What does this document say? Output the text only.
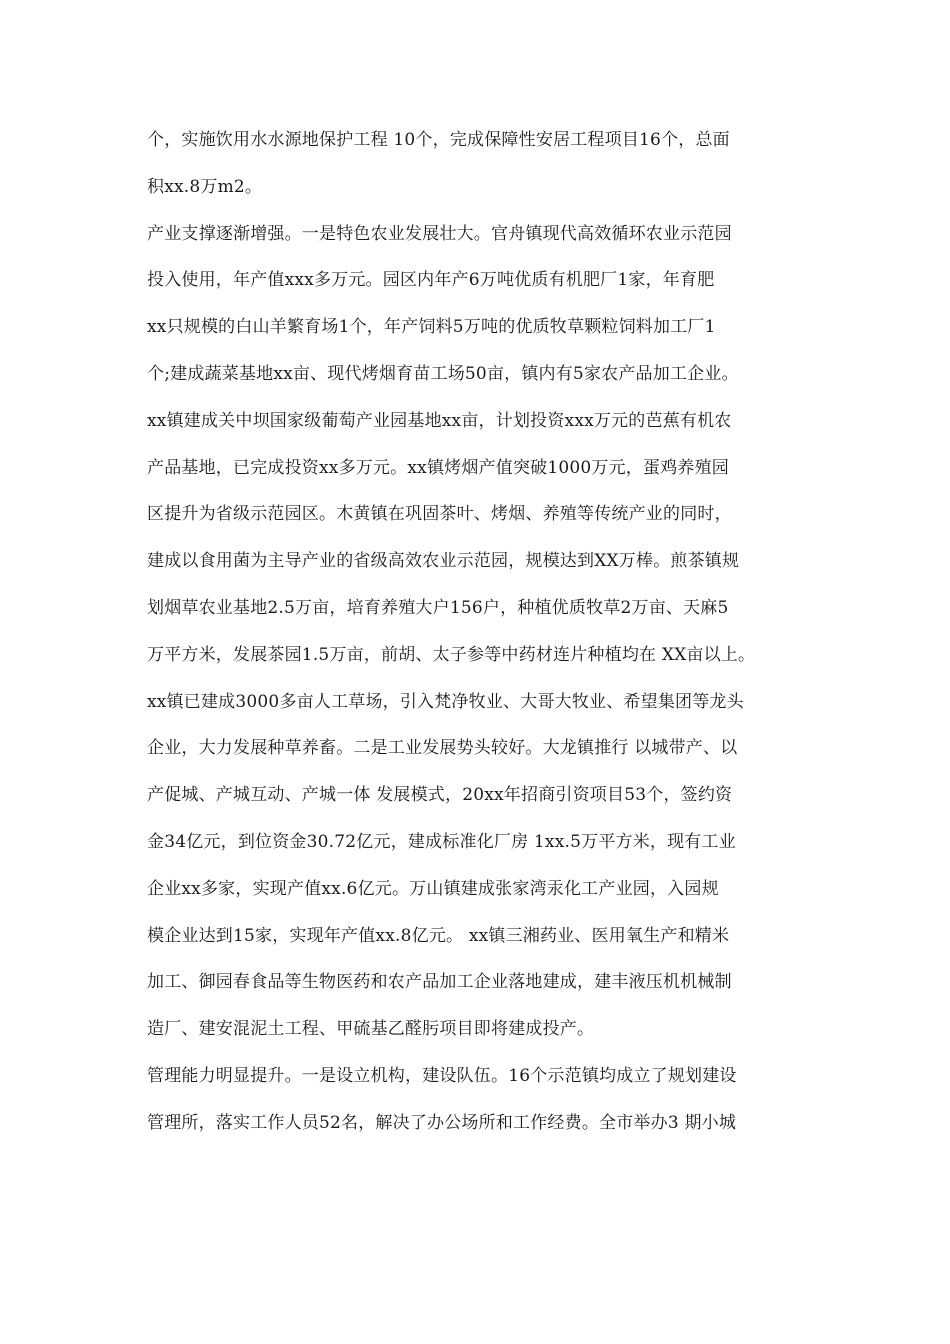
个，实施饮用水水源地保护工程 10个，完成保障性安居工程项目16个，总面
积xx.8万m2。
产业支撑逐渐增强。一是特色农业发展壮大。官舟镇现代高效循环农业示范园
投入使用，年产值xxx多万元。园区内年产6万吨优质有机肥厂1家，年育肥
xx只规模的白山羊繁育场1个，年产饲料5万吨的优质牧草颗粒饲料加工厂1
个;建成蔬菜基地xx亩、现代烤烟育苗工场50亩，镇内有5家农产品加工企业。
xx镇建成关中坝国家级葡萄产业园基地xx亩，计划投资xxx万元的芭蕉有机农
产品基地，已完成投资xx多万元。xx镇烤烟产值突破1000万元，蛋鸡养殖园
区提升为省级示范园区。木黄镇在巩固茶叶、烤烟、养殖等传统产业的同时，
建成以食用菌为主导产业的省级高效农业示范园，规模达到XX万棒。煎茶镇规
划烟草农业基地2.5万亩，培育养殖大户156户，种植优质牧草2万亩、天麻5
万平方米，发展茶园1.5万亩，前胡、太子参等中药材连片种植均在 XX亩以上。
xx镇已建成3000多亩人工草场，引入梵净牧业、大哥大牧业、希望集团等龙头
企业，大力发展种草养畜。二是工业发展势头较好。大龙镇推行 以城带产、以
产促城、产城互动、产城一体 发展模式，20xx年招商引资项目53个，签约资
金34亿元，到位资金30.72亿元，建成标准化厂房 1xx.5万平方米，现有工业
企业xx多家，实现产值xx.6亿元。万山镇建成张家湾汞化工产业园，入园规
模企业达到15家，实现年产值xx.8亿元。 xx镇三湘药业、医用氧生产和精米
加工、御园春食品等生物医药和农产品加工企业落地建成，建丰液压机机械制
造厂、建安混泥土工程、甲硫基乙醛肟项目即将建成投产。
管理能力明显提升。一是设立机构，建设队伍。16个示范镇均成立了规划建设
管理所，落实工作人员52名，解决了办公场所和工作经费。全市举办3 期小城
